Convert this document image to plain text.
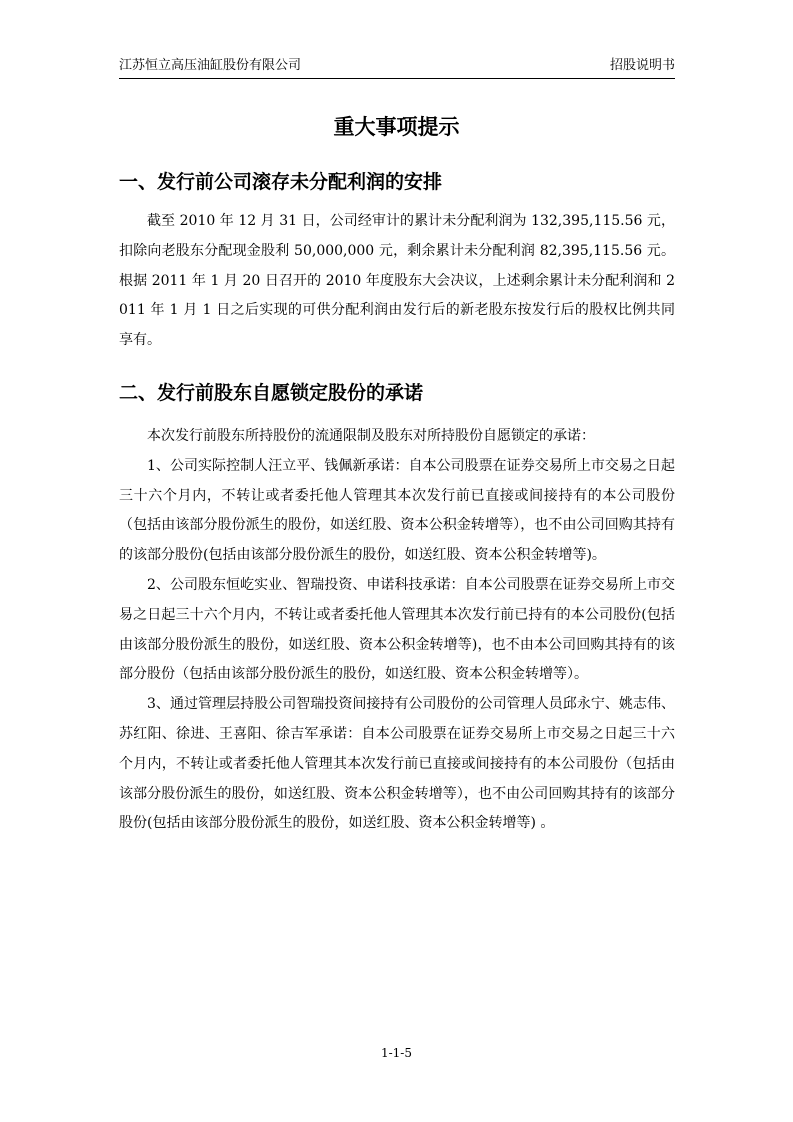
江苏恒立高压油缸股份有限公司	招股说明书
重大事项提示
一、发行前公司滚存未分配利润的安排

截至 2010 年 12 月 31 日，公司经审计的累计未分配利润为 132,395,115.56 元，扣除向老股东分配现金股利 50,000,000 元，剩余累计未分配利润 82,395,115.56 元。根据 2011 年 1 月 20 日召开的 2010 年度股东大会决议，上述剩余累计未分配利润和 2011 年 1 月 1 日之后实现的可供分配利润由发行后的新老股东按发行后的股权比例共同享有。

二、发行前股东自愿锁定股份的承诺

本次发行前股东所持股份的流通限制及股东对所持股份自愿锁定的承诺：

1、公司实际控制人汪立平、钱佩新承诺：自本公司股票在证券交易所上市交易之日起三十六个月内，不转让或者委托他人管理其本次发行前已直接或间接持有的本公司股份（包括由该部分股份派生的股份，如送红股、资本公积金转增等），也不由公司回购其持有的该部分股份(包括由该部分股份派生的股份，如送红股、资本公积金转增等)。

2、公司股东恒屹实业、智瑞投资、申诺科技承诺：自本公司股票在证券交易所上市交易之日起三十六个月内，不转让或者委托他人管理其本次发行前已持有的本公司股份(包括由该部分股份派生的股份，如送红股、资本公积金转增等)，也不由本公司回购其持有的该部分股份（包括由该部分股份派生的股份，如送红股、资本公积金转增等）。

3、通过管理层持股公司智瑞投资间接持有公司股份的公司管理人员邱永宁、姚志伟、苏红阳、徐进、王喜阳、徐吉军承诺：自本公司股票在证券交易所上市交易之日起三十六个月内，不转让或者委托他人管理其本次发行前已直接或间接持有的本公司股份（包括由该部分股份派生的股份，如送红股、资本公积金转增等），也不由公司回购其持有的该部分股份(包括由该部分股份派生的股份，如送红股、资本公积金转增等) 。

1-1-5
